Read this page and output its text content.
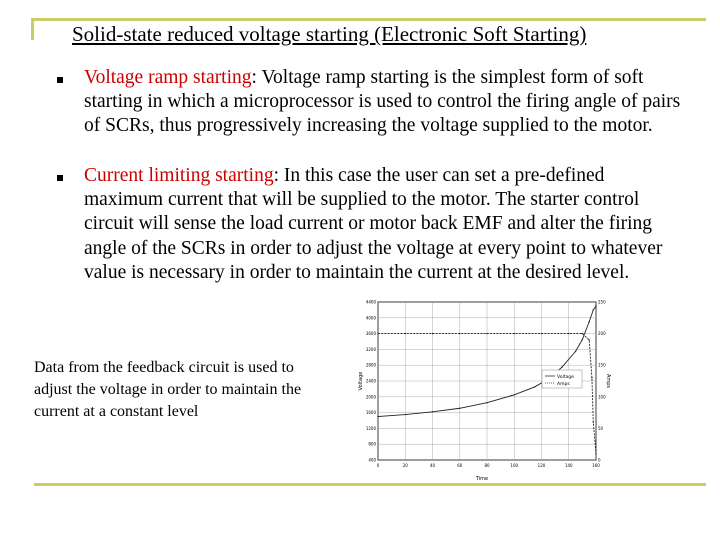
Solid-state reduced voltage starting (Electronic Soft Starting)
Voltage ramp starting: Voltage ramp starting is the simplest form of soft starting in which a microprocessor is used to control the firing angle of pairs of SCRs, thus progressively increasing the voltage supplied to the motor.
Current limiting starting: In this case the user can set a pre-defined maximum current that will be supplied to the motor. The starter control circuit will sense the load current or motor back EMF and alter the firing angle of the SCRs in order to adjust the voltage at every point to whatever value is necessary in order to maintain the current at the desired level.
Data from the feedback circuit is used to adjust the voltage in order to maintain the current at a constant level
4400
4000
3600
3200
2800
2400
2000
1600
1200
800
400
250
200
150
100
50
0
0	20	40	60	80	100	120	140	160
Time
Voltage	Amps
Voltage
Amps
